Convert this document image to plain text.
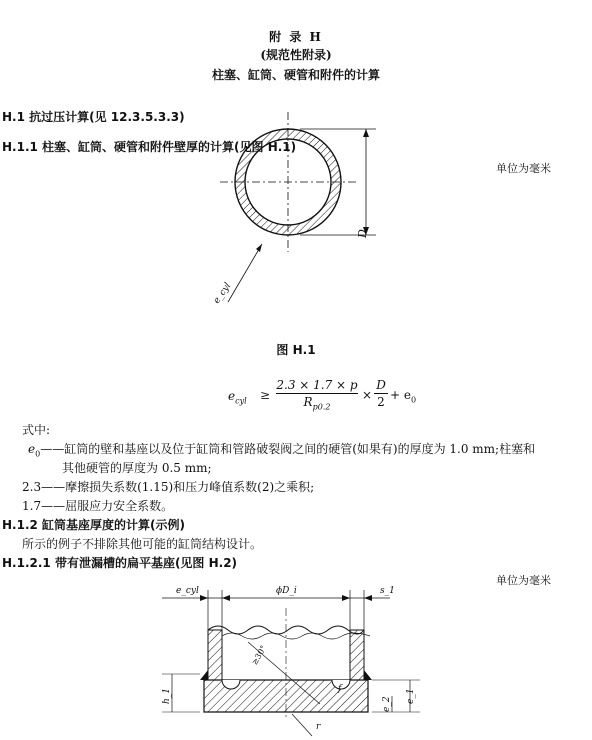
附 录 H
(规范性附录)
柱塞、缸筒、硬管和附件的计算
H.1 抗过压计算(见 12.3.5.3.3)
H.1.1 柱塞、缸筒、硬管和附件壁厚的计算(见图 H.1)
单位为毫米
D
e_cyl
图 H.1
$e_{cyl}$ ≥
2.3 × 1.7 × p
$R_{p0.2}$
×
D
$2 + e_0$
式中:
$e_0——$缸筒的壁和基座以及位于缸筒和管路破裂阀之间的硬管(如果有)的厚度为 1.0 mm;柱塞和
其他硬管的厚度为 0.5 mm;
2.3——摩擦损失系数(1.15)和压力峰值系数(2)之乘积;
1.7——屈服应力安全系数。
H.1.2 缸筒基座厚度的计算(示例)
所示的例子不排除其他可能的缸筒结构设计。
H.1.2.1 带有泄漏槽的扁平基座(见图 H.2)
单位为毫米
e_cyl	ϕD_i	s_1
≥30°
h_1	e_1
e_2
r
f
